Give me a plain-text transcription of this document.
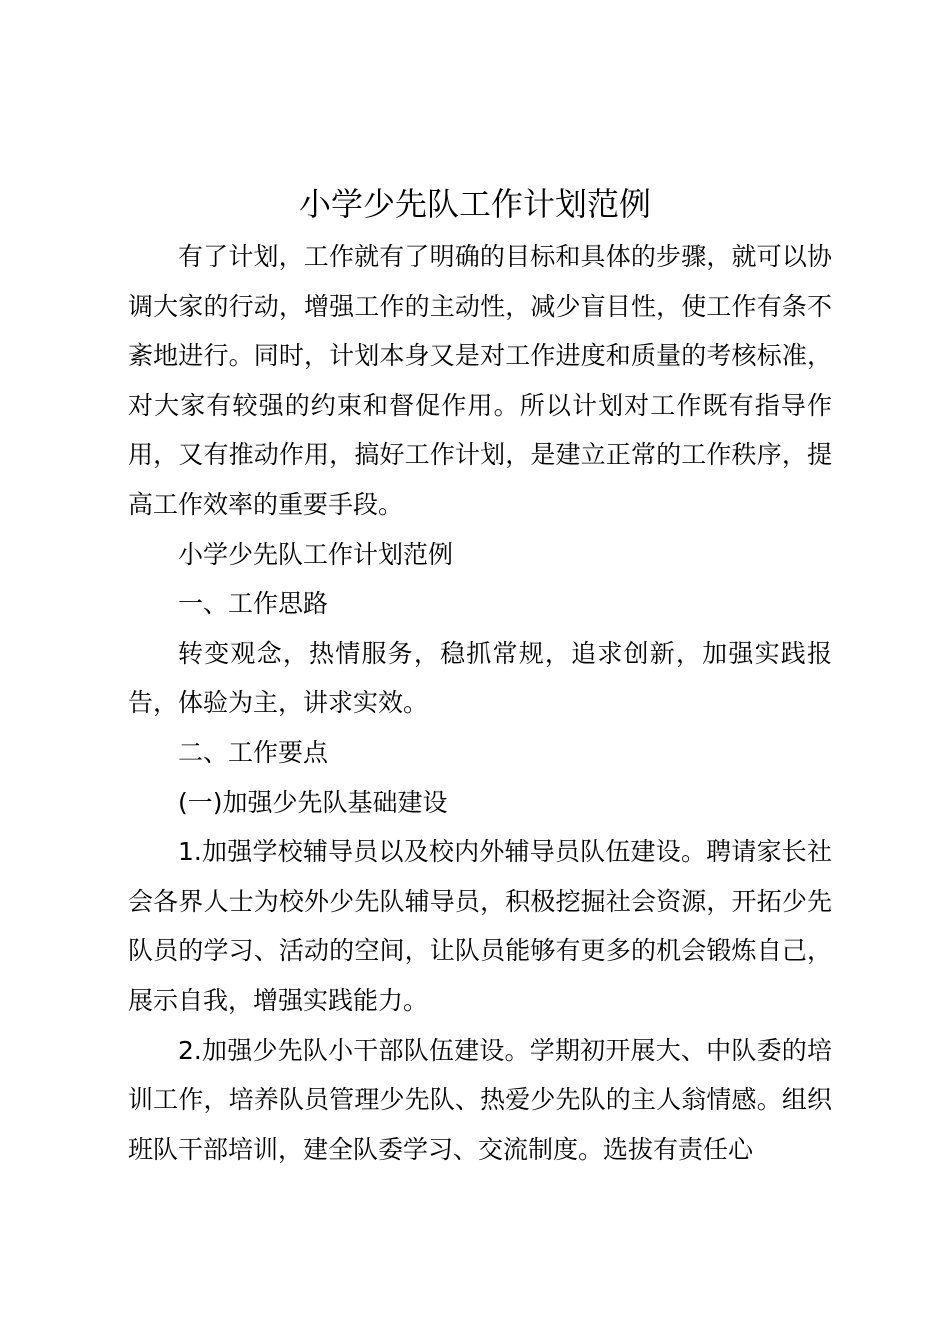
小学少先队工作计划范例

有了计划，工作就有了明确的目标和具体的步骤，就可以协调大家的行动，增强工作的主动性，减少盲目性，使工作有条不紊地进行。同时，计划本身又是对工作进度和质量的考核标准，对大家有较强的约束和督促作用。所以计划对工作既有指导作用，又有推动作用，搞好工作计划，是建立正常的工作秩序，提高工作效率的重要手段。

小学少先队工作计划范例

一、工作思路

转变观念，热情服务，稳抓常规，追求创新，加强实践报告，体验为主，讲求实效。

二、工作要点

(一)加强少先队基础建设

1.加强学校辅导员以及校内外辅导员队伍建设。聘请家长社会各界人士为校外少先队辅导员，积极挖掘社会资源，开拓少先队员的学习、活动的空间，让队员能够有更多的机会锻炼自己，展示自我，增强实践能力。

2.加强少先队小干部队伍建设。学期初开展大、中队委的培训工作，培养队员管理少先队、热爱少先队的主人翁情感。组织班队干部培训，建全队委学习、交流制度。选拔有责任心
